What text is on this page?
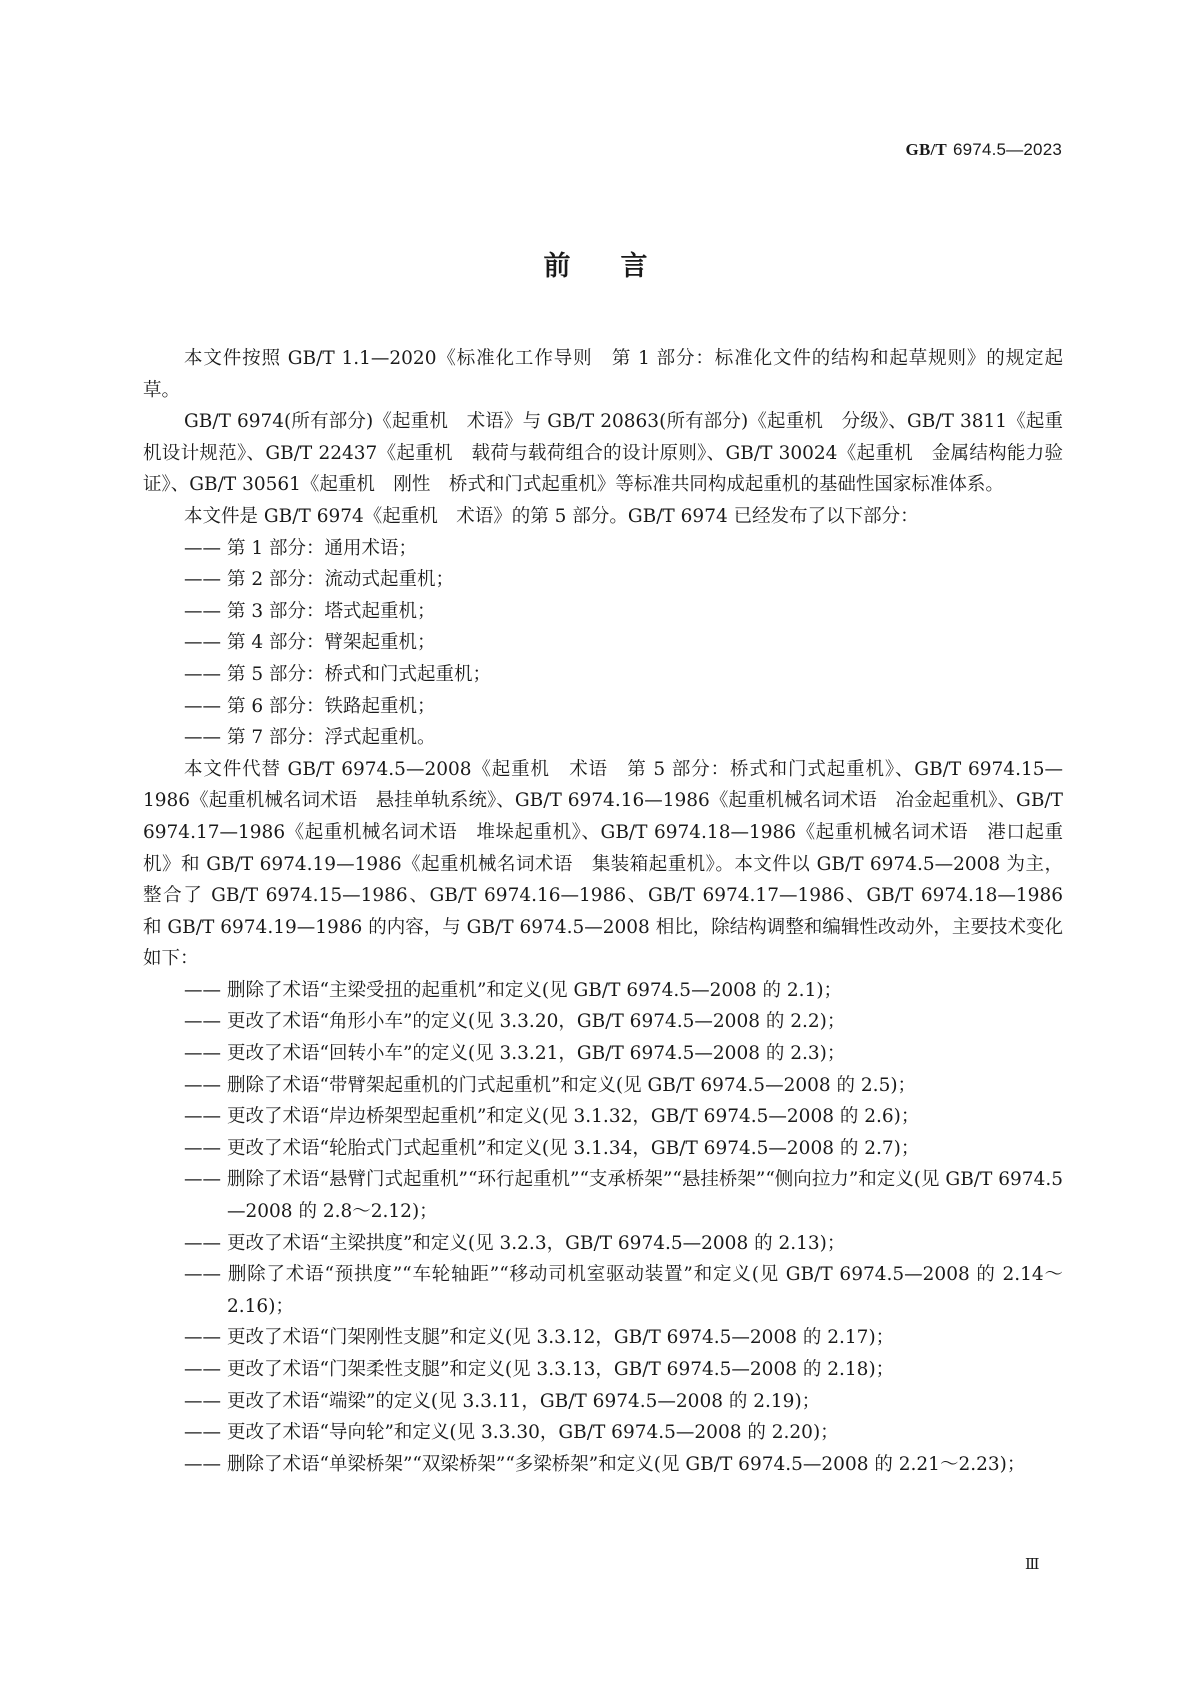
GB/T 6974.5—2023
前言

本文件按照 GB/T 1.1—2020《标准化工作导则　第 1 部分：标准化文件的结构和起草规则》的规定起草。

GB/T 6974(所有部分)《起重机　术语》与 GB/T 20863(所有部分)《起重机　分级》、GB/T 3811《起重机设计规范》、GB/T 22437《起重机　载荷与载荷组合的设计原则》、GB/T 30024《起重机　金属结构能力验证》、GB/T 30561《起重机　刚性　桥式和门式起重机》等标准共同构成起重机的基础性国家标准体系。

本文件是 GB/T 6974《起重机　术语》的第 5 部分。GB/T 6974 已经发布了以下部分：

—— 第 1 部分：通用术语；

—— 第 2 部分：流动式起重机；

—— 第 3 部分：塔式起重机；

—— 第 4 部分：臂架起重机；

—— 第 5 部分：桥式和门式起重机；

—— 第 6 部分：铁路起重机；

—— 第 7 部分：浮式起重机。

本文件代替 GB/T 6974.5—2008《起重机　术语　第 5 部分：桥式和门式起重机》、GB/T 6974.15—1986《起重机械名词术语　悬挂单轨系统》、GB/T 6974.16—1986《起重机械名词术语　冶金起重机》、GB/T 6974.17—1986《起重机械名词术语　堆垛起重机》、GB/T 6974.18—1986《起重机械名词术语　港口起重机》和 GB/T 6974.19—1986《起重机械名词术语　集装箱起重机》。本文件以 GB/T 6974.5—2008 为主，整合了 GB/T 6974.15—1986、GB/T 6974.16—1986、GB/T 6974.17—1986、GB/T 6974.18—1986 和 GB/T 6974.19—1986 的内容，与 GB/T 6974.5—2008 相比，除结构调整和编辑性改动外，主要技术变化如下：

—— 删除了术语“主梁受扭的起重机”和定义(见 GB/T 6974.5—2008 的 2.1)；

—— 更改了术语“角形小车”的定义(见 3.3.20，GB/T 6974.5—2008 的 2.2)；

—— 更改了术语“回转小车”的定义(见 3.3.21，GB/T 6974.5—2008 的 2.3)；

—— 删除了术语“带臂架起重机的门式起重机”和定义(见 GB/T 6974.5—2008 的 2.5)；

—— 更改了术语“岸边桥架型起重机”和定义(见 3.1.32，GB/T 6974.5—2008 的 2.6)；

—— 更改了术语“轮胎式门式起重机”和定义(见 3.1.34，GB/T 6974.5—2008 的 2.7)；

—— 删除了术语“悬臂门式起重机”“环行起重机”“支承桥架”“悬挂桥架”“侧向拉力”和定义(见 GB/T 6974.5—2008 的 2.8～2.12)；

—— 更改了术语“主梁拱度”和定义(见 3.2.3，GB/T 6974.5—2008 的 2.13)；

—— 删除了术语“预拱度”“车轮轴距”“移动司机室驱动装置”和定义(见 GB/T 6974.5—2008 的 2.14～2.16)；

—— 更改了术语“门架刚性支腿”和定义(见 3.3.12，GB/T 6974.5—2008 的 2.17)；

—— 更改了术语“门架柔性支腿”和定义(见 3.3.13，GB/T 6974.5—2008 的 2.18)；

—— 更改了术语“端梁”的定义(见 3.3.11，GB/T 6974.5—2008 的 2.19)；

—— 更改了术语“导向轮”和定义(见 3.3.30，GB/T 6974.5—2008 的 2.20)；

—— 删除了术语“单梁桥架”“双梁桥架”“多梁桥架”和定义(见 GB/T 6974.5—2008 的 2.21～2.23)；

Ⅲ
